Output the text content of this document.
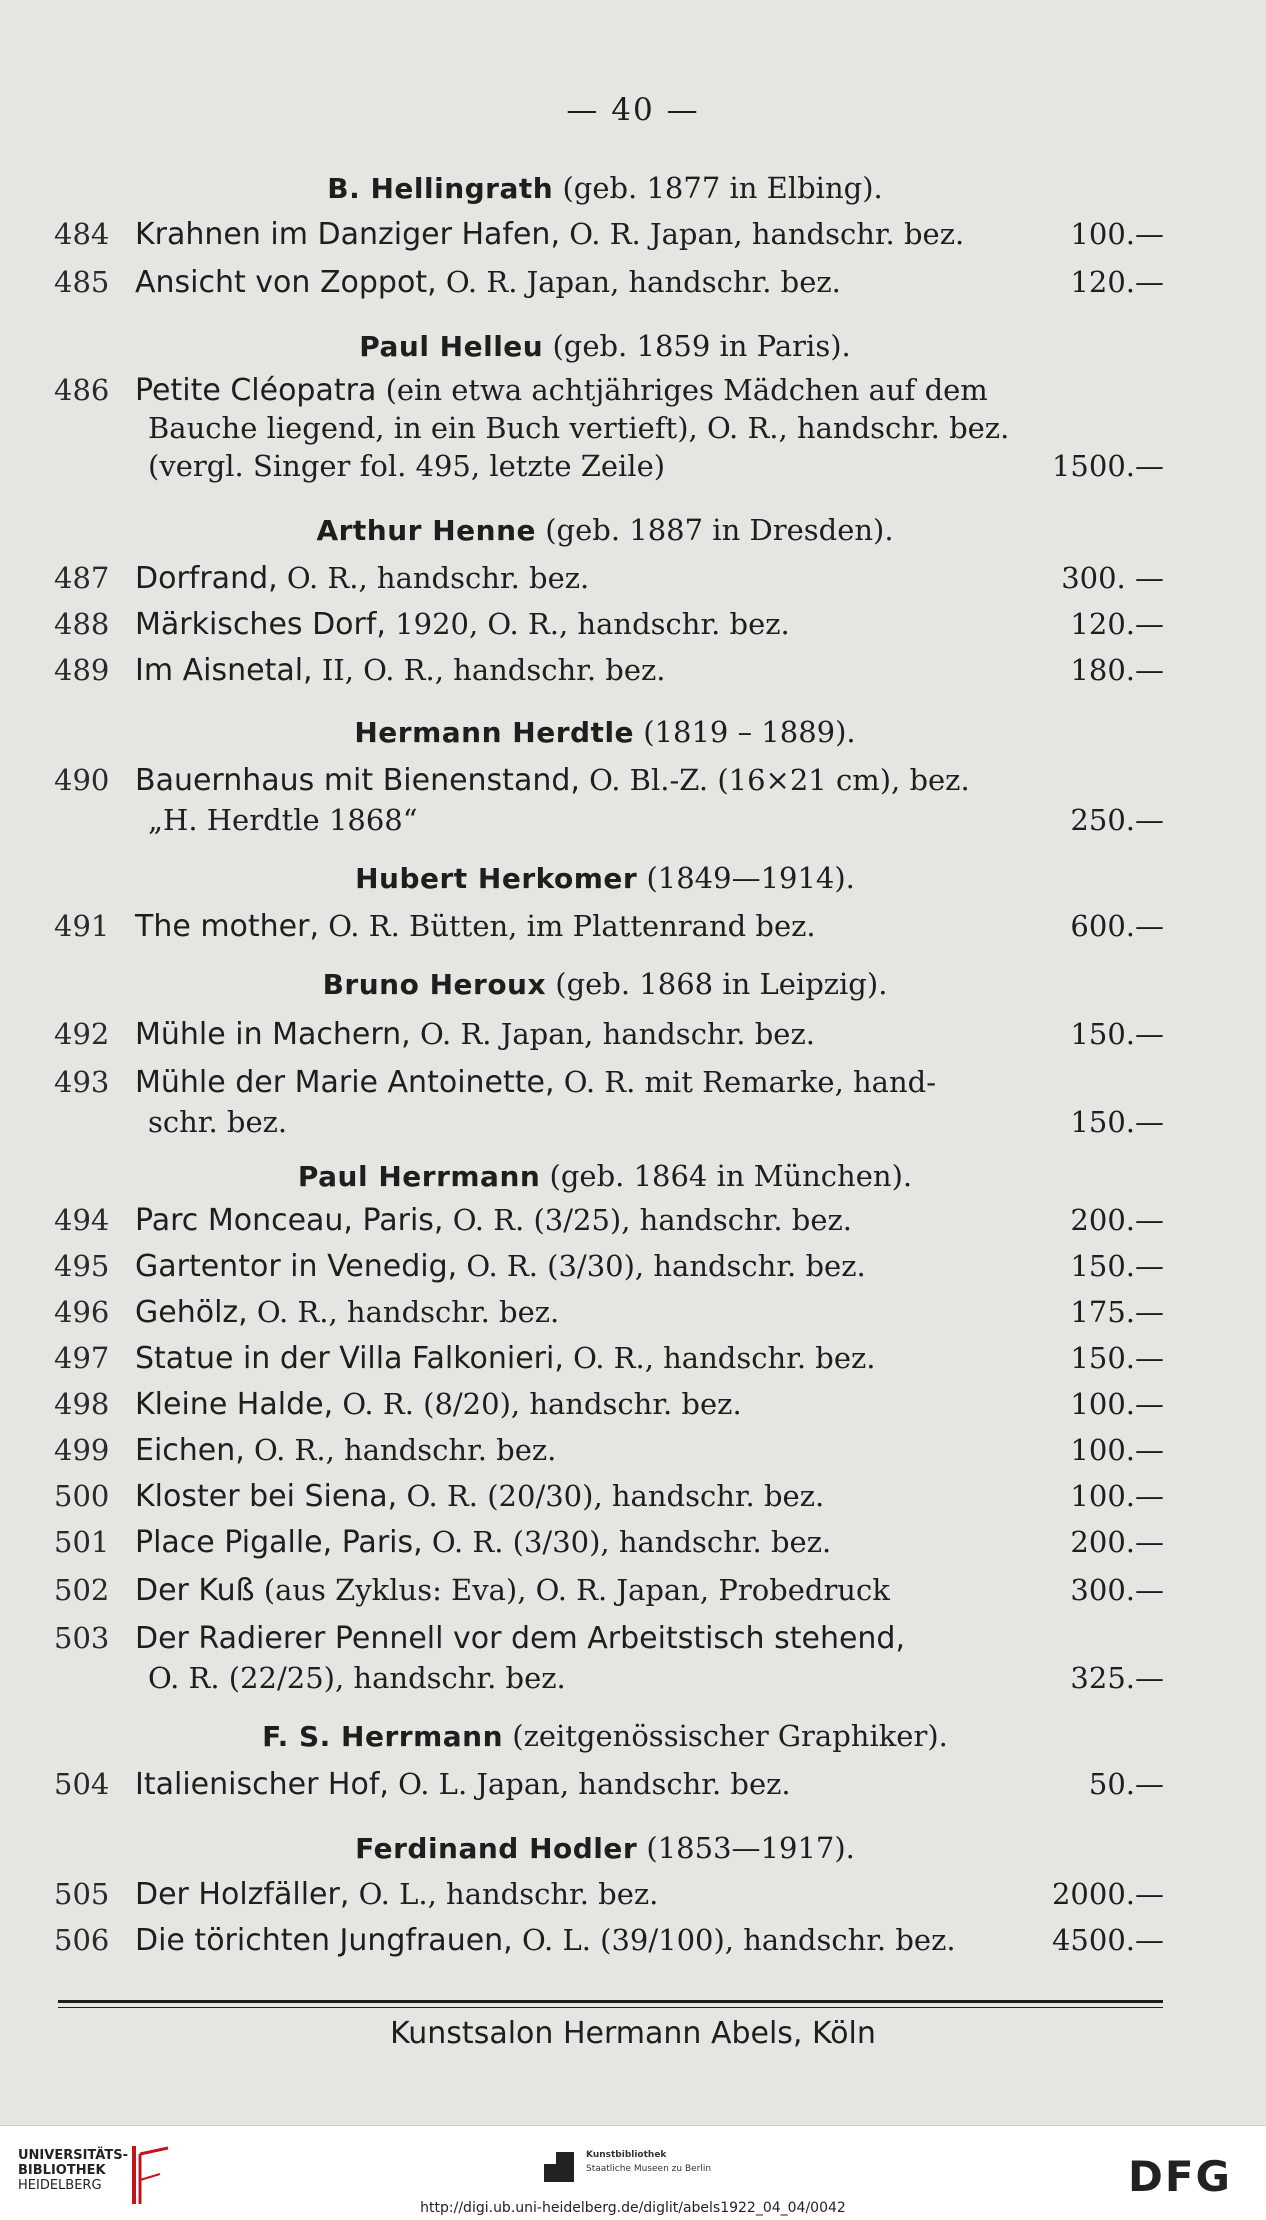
— 40 —
B. Hellingrath (geb. 1877 in Elbing).
484 Krahnen im Danziger Hafen, O. R. Japan, handschr. bez.	100.—
485 Ansicht von Zoppot, O. R. Japan, handschr. bez.	120.—
Paul Helleu (geb. 1859 in Paris).
486 Petite Cléopatra (ein etwa achtjähriges Mädchen auf dem
Bauche liegend, in ein Buch vertieft), O. R., handschr. bez.
(vergl. Singer fol. 495, letzte Zeile)	1500.—
Arthur Henne (geb. 1887 in Dresden).
487 Dorfrand, O. R., handschr. bez.	300. —
488 Märkisches Dorf, 1920, O. R., handschr. bez.	120.—
489 Im Aisnetal, II, O. R., handschr. bez.	180.—
Hermann Herdtle (1819 – 1889).
490 Bauernhaus mit Bienenstand, O. Bl.-Z. (16×21 cm), bez.
„H. Herdtle 1868“	250.—
Hubert Herkomer (1849—1914).
491 The mother, O. R. Bütten, im Plattenrand bez.	600.—
Bruno Heroux (geb. 1868 in Leipzig).
492 Mühle in Machern, O. R. Japan, handschr. bez.	150.—
493 Mühle der Marie Antoinette, O. R. mit Remarke, hand-
schr. bez.	150.—
Paul Herrmann (geb. 1864 in München).
494 Parc Monceau, Paris, O. R. (3/25), handschr. bez.	200.—
495 Gartentor in Venedig, O. R. (3/30), handschr. bez.	150.—
496 Gehölz, O. R., handschr. bez.	175.—
497 Statue in der Villa Falkonieri, O. R., handschr. bez.	150.—
498 Kleine Halde, O. R. (8/20), handschr. bez.	100.—
499 Eichen, O. R., handschr. bez.	100.—
500 Kloster bei Siena, O. R. (20/30), handschr. bez.	100.—
501 Place Pigalle, Paris, O. R. (3/30), handschr. bez.	200.—
502 Der Kuß (aus Zyklus: Eva), O. R. Japan, Probedruck	300.—
503 Der Radierer Pennell vor dem Arbeitstisch stehend,
O. R. (22/25), handschr. bez.	325.—
F. S. Herrmann (zeitgenössischer Graphiker).
504 Italienischer Hof, O. L. Japan, handschr. bez.	50.—
Ferdinand Hodler (1853—1917).
505 Der Holzfäller, O. L., handschr. bez.	2000.—
506 Die törichten Jungfrauen, O. L. (39/100), handschr. bez.	4500.—
Kunstsalon Hermann Abels, Köln
UNIVERSITÄTS-
BIBLIOTHEK
HEIDELBERG
Kunstbibliothek
Staatliche Museen zu Berlin	DFG
http://digi.ub.uni-heidelberg.de/diglit/abels1922_04_04/0042
